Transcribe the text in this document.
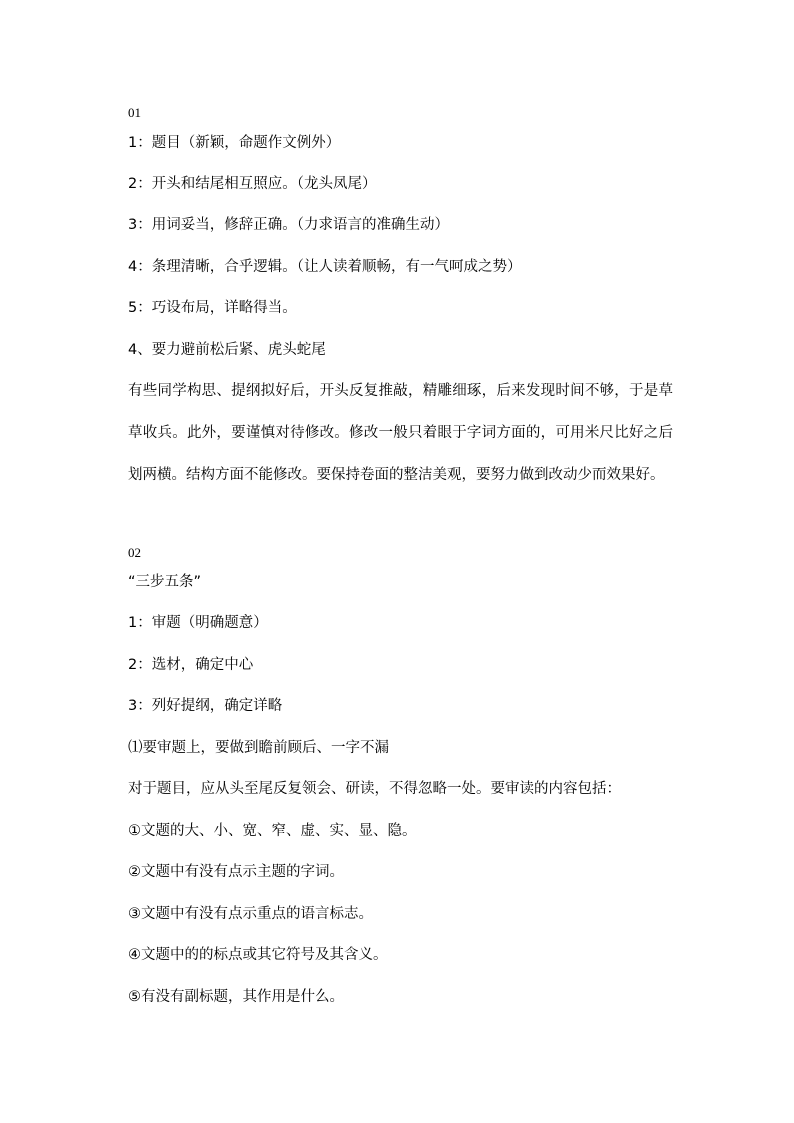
01

1：题目（新颖，命题作文例外）

2：开头和结尾相互照应。（龙头凤尾）

3：用词妥当，修辞正确。（力求语言的准确生动）

4：条理清晰，合乎逻辑。（让人读着顺畅，有一气呵成之势）

5：巧设布局，详略得当。

4、要力避前松后紧、虎头蛇尾

有些同学构思、提纲拟好后，开头反复推敲，精雕细琢，后来发现时间不够，于是草草收兵。此外，要谨慎对待修改。修改一般只着眼于字词方面的，可用米尺比好之后划两横。结构方面不能修改。要保持卷面的整洁美观，要努力做到改动少而效果好。

02

“三步五条”

1：审题（明确题意）

2：选材，确定中心

3：列好提纲，确定详略

⑴要审题上，要做到瞻前顾后、一字不漏

对于题目，应从头至尾反复领会、研读，不得忽略一处。要审读的内容包括：

①文题的大、小、宽、窄、虚、实、显、隐。

②文题中有没有点示主题的字词。

③文题中有没有点示重点的语言标志。

④文题中的的标点或其它符号及其含义。

⑤有没有副标题，其作用是什么。
